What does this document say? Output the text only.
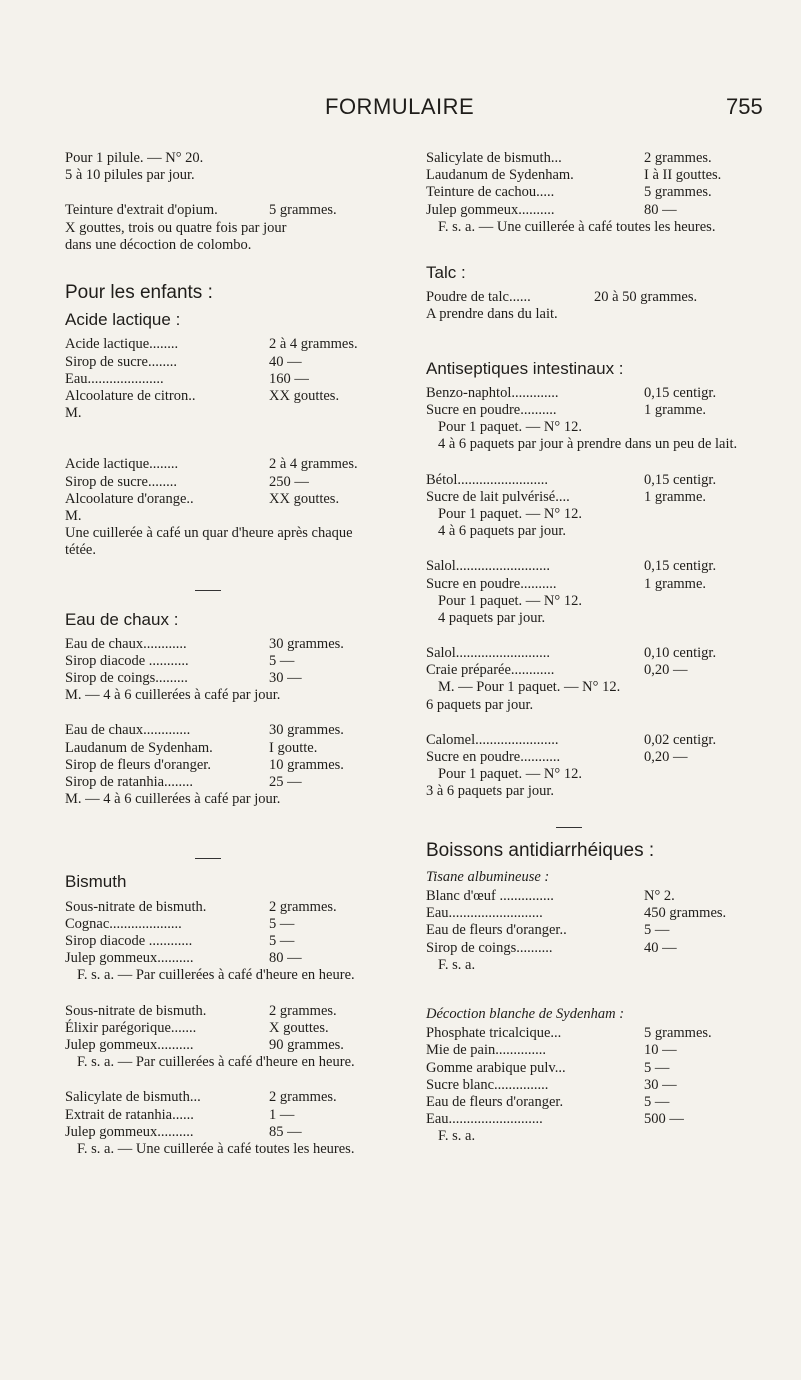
FORMULAIRE	755
Pour 1 pilule. — N° 20.
5 à 10 pilules par jour.
Teinture d'extrait d'opium.	5 grammes.
X gouttes, trois ou quatre fois par jour
dans une décoction de colombo.
Pour les enfants :
Acide lactique :
Acide lactique........	2 à 4 grammes.
Sirop de sucre........	40 —
Eau.....................	160 —
Alcoolature de citron..	XX gouttes.
M.
Acide lactique........	2 à 4 grammes.
Sirop de sucre........	250 —
Alcoolature d'orange..	XX gouttes.
M.
Une cuillerée à café un quar d'heure après chaque tétée.
Eau de chaux :
Eau de chaux............	30 grammes.
Sirop diacode ...........	5 —
Sirop de coings.........	30 —
M. — 4 à 6 cuillerées à café par jour.
Eau de chaux.............	30 grammes.
Laudanum de Sydenham.	I goutte.
Sirop de fleurs d'oranger.	10 grammes.
Sirop de ratanhia........	25 —
M. — 4 à 6 cuillerées à café par jour.
Bismuth
Sous-nitrate de bismuth.	2 grammes.
Cognac....................	5 —
Sirop diacode ............	5 —
Julep gommeux..........	80 —
F. s. a. — Par cuillerées à café d'heure en heure.
Sous-nitrate de bismuth.	2 grammes.
Élixir parégorique.......	X gouttes.
Julep gommeux..........	90 grammes.
F. s. a. — Par cuillerées à café d'heure en heure.
Salicylate de bismuth...	2 grammes.
Extrait de ratanhia......	1 —
Julep gommeux..........	85 —
F. s. a. — Une cuillerée à café toutes les heures.
Salicylate de bismuth...	2 grammes.
Laudanum de Sydenham.	I à II gouttes.
Teinture de cachou.....	5 grammes.
Julep gommeux..........	80 —
F. s. a. — Une cuillerée à café toutes les heures.
Talc :
Poudre de talc......	20 à 50 grammes.
A prendre dans du lait.
Antiseptiques intestinaux :
Benzo-naphtol.............	0,15 centigr.
Sucre en poudre..........	1 gramme.
Pour 1 paquet. — N° 12.
4 à 6 paquets par jour à prendre dans un peu de lait.
Bétol.........................	0,15 centigr.
Sucre de lait pulvérisé....	1 gramme.
Pour 1 paquet. — N° 12.
4 à 6 paquets par jour.
Salol..........................	0,15 centigr.
Sucre en poudre..........	1 gramme.
Pour 1 paquet. — N° 12.
4 paquets par jour.
Salol..........................	0,10 centigr.
Craie préparée............	0,20 —
M. — Pour 1 paquet. — N° 12.
6 paquets par jour.
Calomel.......................	0,02 centigr.
Sucre en poudre...........	0,20 —
Pour 1 paquet. — N° 12.
3 à 6 paquets par jour.
Boissons antidiarrhéiques :
Tisane albumineuse :
Blanc d'œuf ...............	N° 2.
Eau..........................	450 grammes.
Eau de fleurs d'oranger..	5 —
Sirop de coings..........	40 —
F. s. a.
Décoction blanche de Sydenham :
Phosphate tricalcique...	5 grammes.
Mie de pain..............	10 —
Gomme arabique pulv...	5 —
Sucre blanc...............	30 —
Eau de fleurs d'oranger.	5 —
Eau..........................	500 —
F. s. a.
